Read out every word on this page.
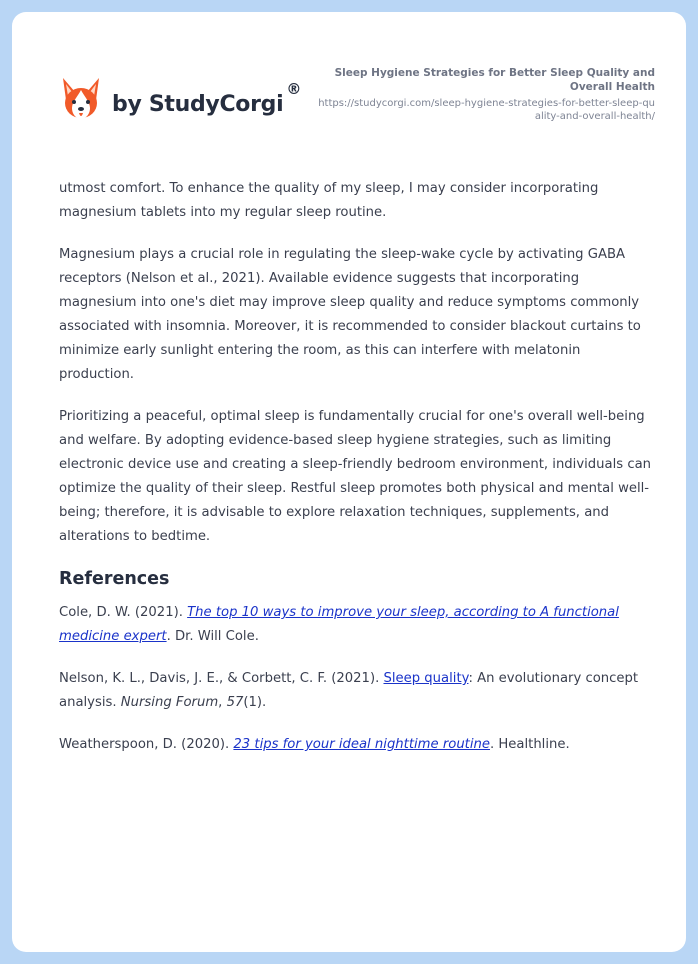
by StudyCorgi
®
Sleep Hygiene Strategies for Better Sleep Quality and Overall Health
https://studycorgi.com/sleep-hygiene-strategies-for-better-sleep-quality-and-overall-health/

utmost comfort. To enhance the quality of my sleep, I may consider incorporating magnesium tablets into my regular sleep routine.

Magnesium plays a crucial role in regulating the sleep-wake cycle by activating GABA receptors (Nelson et al., 2021). Available evidence suggests that incorporating magnesium into one's diet may improve sleep quality and reduce symptoms commonly associated with insomnia. Moreover, it is recommended to consider blackout curtains to minimize early sunlight entering the room, as this can interfere with melatonin production.

Prioritizing a peaceful, optimal sleep is fundamentally crucial for one's overall well-being and welfare. By adopting evidence-based sleep hygiene strategies, such as limiting electronic device use and creating a sleep-friendly bedroom environment, individuals can optimize the quality of their sleep. Restful sleep promotes both physical and mental well-being; therefore, it is advisable to explore relaxation techniques, supplements, and alterations to bedtime.

References

Cole, D. W. (2021). The top 10 ways to improve your sleep, according to A functional medicine expert. Dr. Will Cole.

Nelson, K. L., Davis, J. E., & Corbett, C. F. (2021). Sleep quality: An evolutionary concept analysis. Nursing Forum, 57(1).

Weatherspoon, D. (2020). 23 tips for your ideal nighttime routine. Healthline.
